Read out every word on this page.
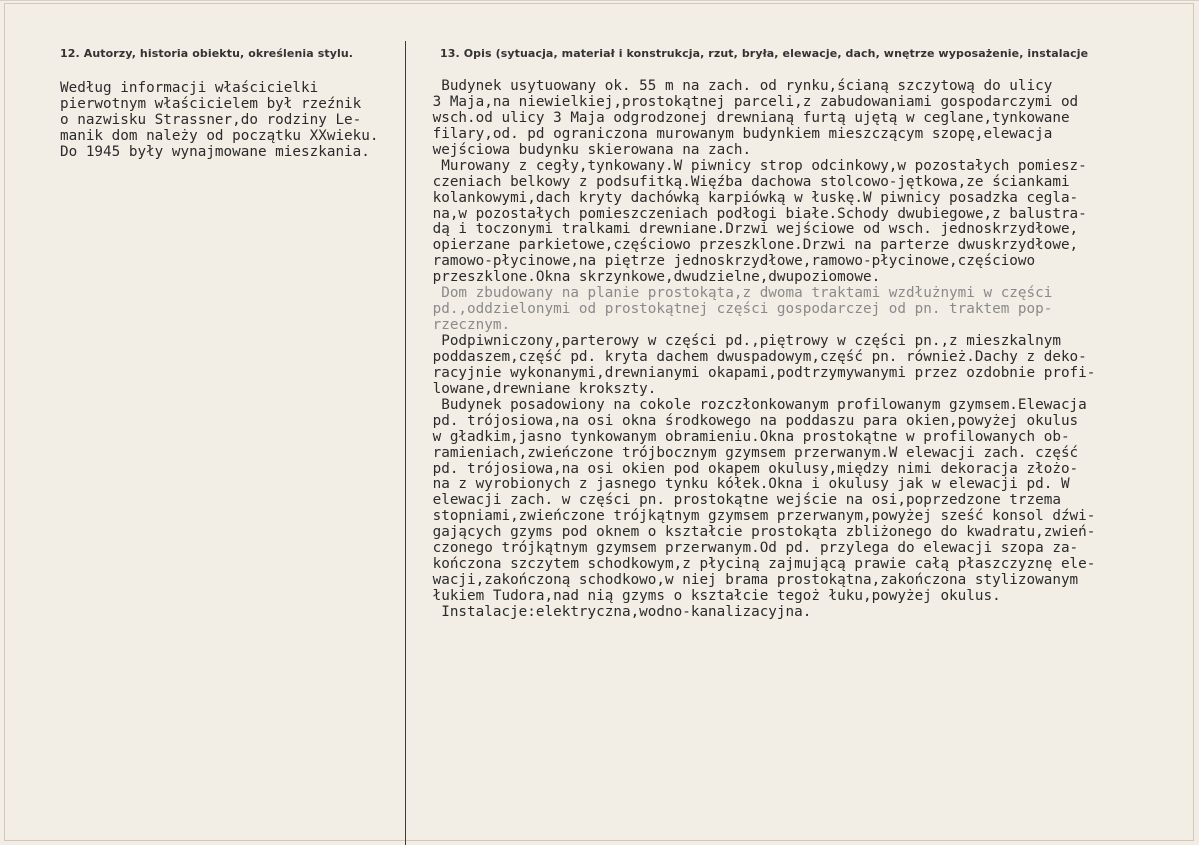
12. Autorzy, historia obiektu, określenia stylu.	13. Opis (sytuacja, materiał i konstrukcja, rzut, bryła, elewacje, dach, wnętrze wyposażenie, instalacje
Według informacji właścicielki
pierwotnym właścicielem był rzeźnik
o nazwisku Strassner,do rodziny Le-
manik dom należy od początku XXwieku.
Do 1945 były wynajmowane mieszkania.
Budynek usytuowany ok. 55 m na zach. od rynku,ścianą szczytową do ulicy
3 Maja,na niewielkiej,prostokątnej parceli,z zabudowaniami gospodarczymi od
wsch.od ulicy 3 Maja odgrodzonej drewnianą furtą ujętą w ceglane,tynkowane
filary,od. pd ograniczona murowanym budynkiem mieszczącym szopę,elewacja
wejściowa budynku skierowana na zach.
Murowany z cegły,tynkowany.W piwnicy strop odcinkowy,w pozostałych pomiesz-
czeniach belkowy z podsufitką.Więźba dachowa stolcowo-jętkowa,ze ściankami
kolankowymi,dach kryty dachówką karpiówką w łuskę.W piwnicy posadzka cegla-
na,w pozostałych pomieszczeniach podłogi białe.Schody dwubiegowe,z balustra-
dą i toczonymi tralkami drewniane.Drzwi wejściowe od wsch. jednoskrzydłowe,
opierzane parkietowe,częściowo przeszklone.Drzwi na parterze dwuskrzydłowe,
ramowo-płycinowe,na piętrze jednoskrzydłowe,ramowo-płycinowe,częściowo
przeszklone.Okna skrzynkowe,dwudzielne,dwupoziomowe.
Dom zbudowany na planie prostokąta,z dwoma traktami wzdłużnymi w części
pd.,oddzielonymi od prostokątnej części gospodarczej od pn. traktem pop-
rzecznym.
Podpiwniczony,parterowy w części pd.,piętrowy w części pn.,z mieszkalnym
poddaszem,część pd. kryta dachem dwuspadowym,część pn. również.Dachy z deko-
racyjnie wykonanymi,drewnianymi okapami,podtrzymywanymi przez ozdobnie profi-
lowane,drewniane krokszty.
Budynek posadowiony na cokole rozczłonkowanym profilowanym gzymsem.Elewacja
pd. trójosiowa,na osi okna środkowego na poddaszu para okien,powyżej okulus
w gładkim,jasno tynkowanym obramieniu.Okna prostokątne w profilowanych ob-
ramieniach,zwieńczone trójbocznym gzymsem przerwanym.W elewacji zach. część
pd. trójosiowa,na osi okien pod okapem okulusy,między nimi dekoracja złożo-
na z wyrobionych z jasnego tynku kółek.Okna i okulusy jak w elewacji pd. W
elewacji zach. w części pn. prostokątne wejście na osi,poprzedzone trzema
stopniami,zwieńczone trójkątnym gzymsem przerwanym,powyżej sześć konsol dźwi-
gających gzyms pod oknem o kształcie prostokąta zbliżonego do kwadratu,zwień-
czonego trójkątnym gzymsem przerwanym.Od pd. przylega do elewacji szopa za-
kończona szczytem schodkowym,z płyciną zajmującą prawie całą płaszczyznę ele-
wacji,zakończoną schodkowo,w niej brama prostokątna,zakończona stylizowanym
łukiem Tudora,nad nią gzyms o kształcie tegoż łuku,powyżej okulus.
Instalacje:elektryczna,wodno-kanalizacyjna.
